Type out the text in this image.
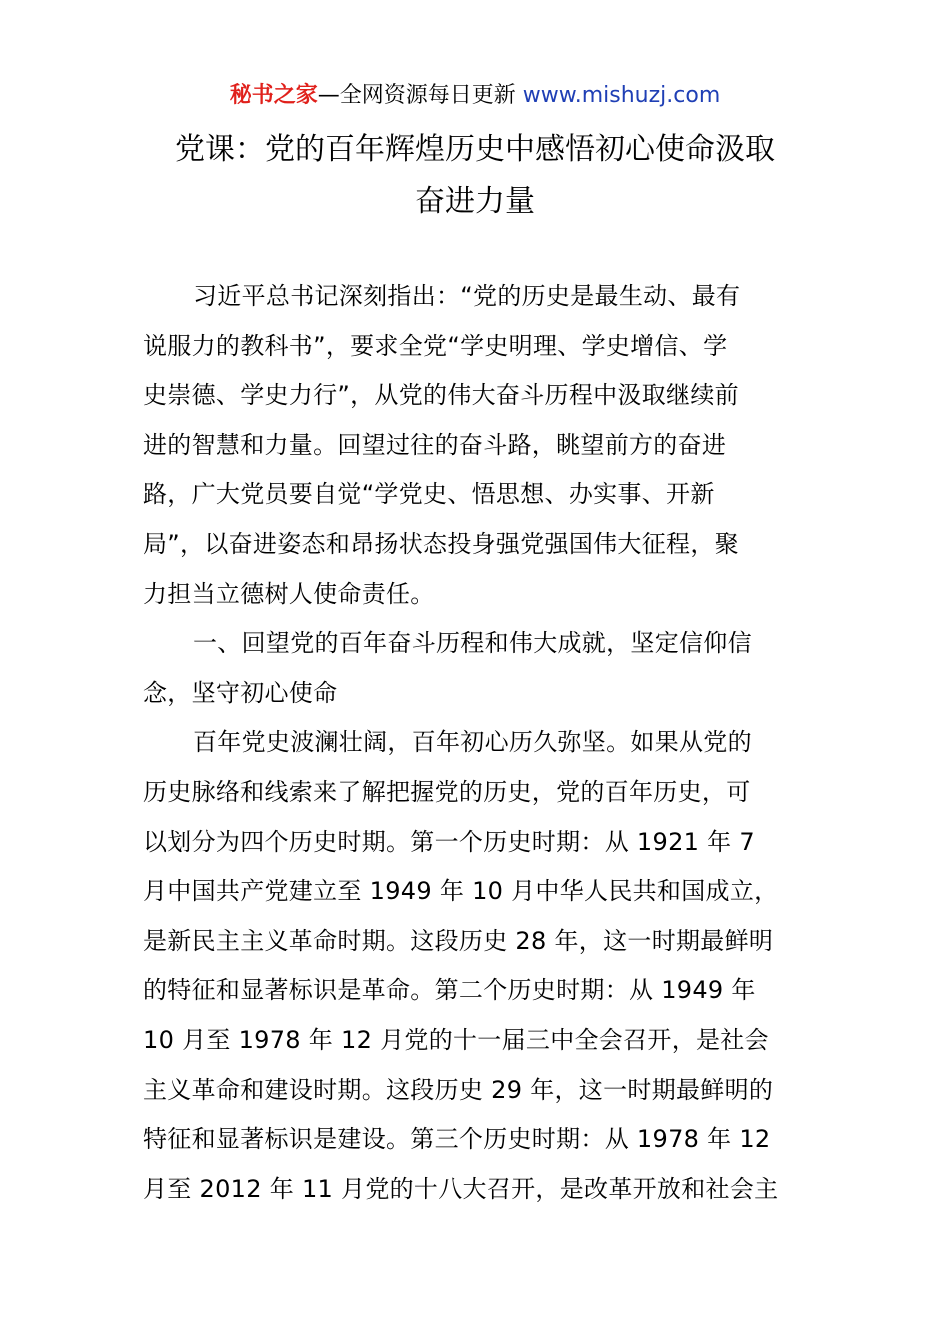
秘书之家—全网资源每日更新 www.mishuzj.com
党课：党的百年辉煌历史中感悟初心使命汲取
奋进力量

习近平总书记深刻指出：“党的历史是最生动、最有
说服力的教科书”，要求全党“学史明理、学史增信、学
史崇德、学史力行”，从党的伟大奋斗历程中汲取继续前
进的智慧和力量。回望过往的奋斗路，眺望前方的奋进
路，广大党员要自觉“学党史、悟思想、办实事、开新
局”，以奋进姿态和昂扬状态投身强党强国伟大征程，聚
力担当立德树人使命责任。

一、回望党的百年奋斗历程和伟大成就，坚定信仰信
念，坚守初心使命

百年党史波澜壮阔，百年初心历久弥坚。如果从党的
历史脉络和线索来了解把握党的历史，党的百年历史，可
以划分为四个历史时期。第一个历史时期：从 1921 年 7
月中国共产党建立至 1949 年 10 月中华人民共和国成立，
是新民主主义革命时期。这段历史 28 年，这一时期最鲜明
的特征和显著标识是革命。第二个历史时期：从 1949 年
10 月至 1978 年 12 月党的十一届三中全会召开，是社会
主义革命和建设时期。这段历史 29 年，这一时期最鲜明的
特征和显著标识是建设。第三个历史时期：从 1978 年 12
月至 2012 年 11 月党的十八大召开，是改革开放和社会主
